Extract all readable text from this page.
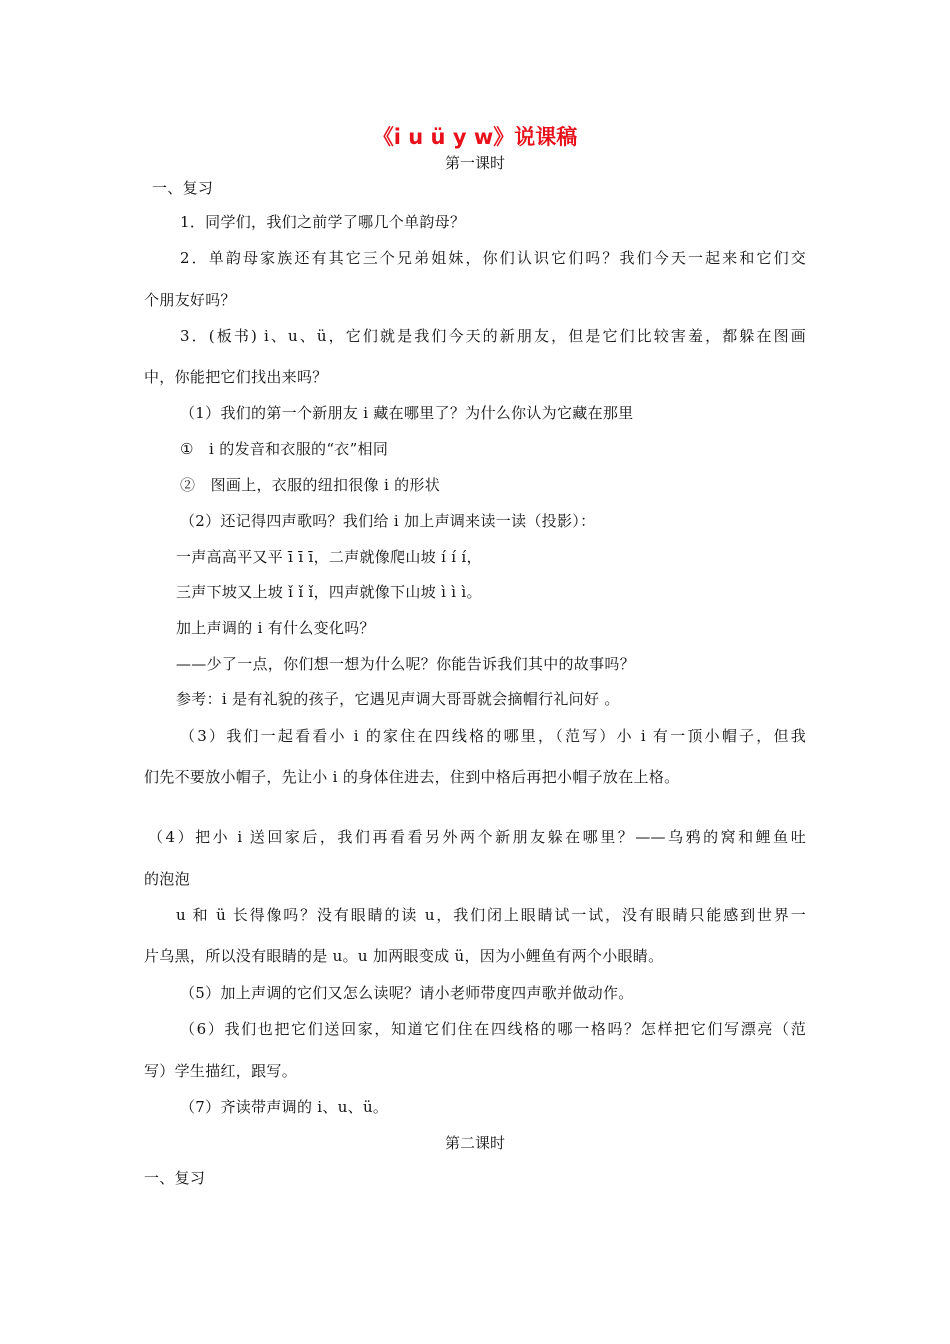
《i u ü y w》说课稿
第一课时
一、复习
1．同学们，我们之前学了哪几个单韵母？
2．单韵母家族还有其它三个兄弟姐妹，你们认识它们吗？我们今天一起来和它们交
个朋友好吗？
3．(板书) i、u、ü，它们就是我们今天的新朋友，但是它们比较害羞，都躲在图画
中，你能把它们找出来吗？
（1）我们的第一个新朋友 i 藏在哪里了？为什么你认为它藏在那里
①　i 的发音和衣服的“衣”相同
②　图画上，衣服的纽扣很像 i 的形状
（2）还记得四声歌吗？我们给 i 加上声调来读一读（投影）：
一声高高平又平 ī ī ī，二声就像爬山坡 í í í，
三声下坡又上坡 ǐ ǐ ǐ，四声就像下山坡 ì ì ì。
加上声调的 i 有什么变化吗？
——少了一点，你们想一想为什么呢？你能告诉我们其中的故事吗？
参考：i 是有礼貌的孩子，它遇见声调大哥哥就会摘帽行礼问好 。
（3）我们一起看看小 i 的家住在四线格的哪里，（范写）小 i 有一顶小帽子，但我
们先不要放小帽子，先让小 i 的身体住进去，住到中格后再把小帽子放在上格。
（4）把小 i 送回家后，我们再看看另外两个新朋友躲在哪里？——乌鸦的窝和鲤鱼吐
的泡泡
u 和 ü 长得像吗？没有眼睛的读 u，我们闭上眼睛试一试，没有眼睛只能感到世界一
片乌黑，所以没有眼睛的是 u。u 加两眼变成 ü，因为小鲤鱼有两个小眼睛。
（5）加上声调的它们又怎么读呢？请小老师带度四声歌并做动作。
（6）我们也把它们送回家，知道它们住在四线格的哪一格吗？怎样把它们写漂亮（范
写）学生描红，跟写。
（7）齐读带声调的 i、u、ü。
第二课时
一、复习
